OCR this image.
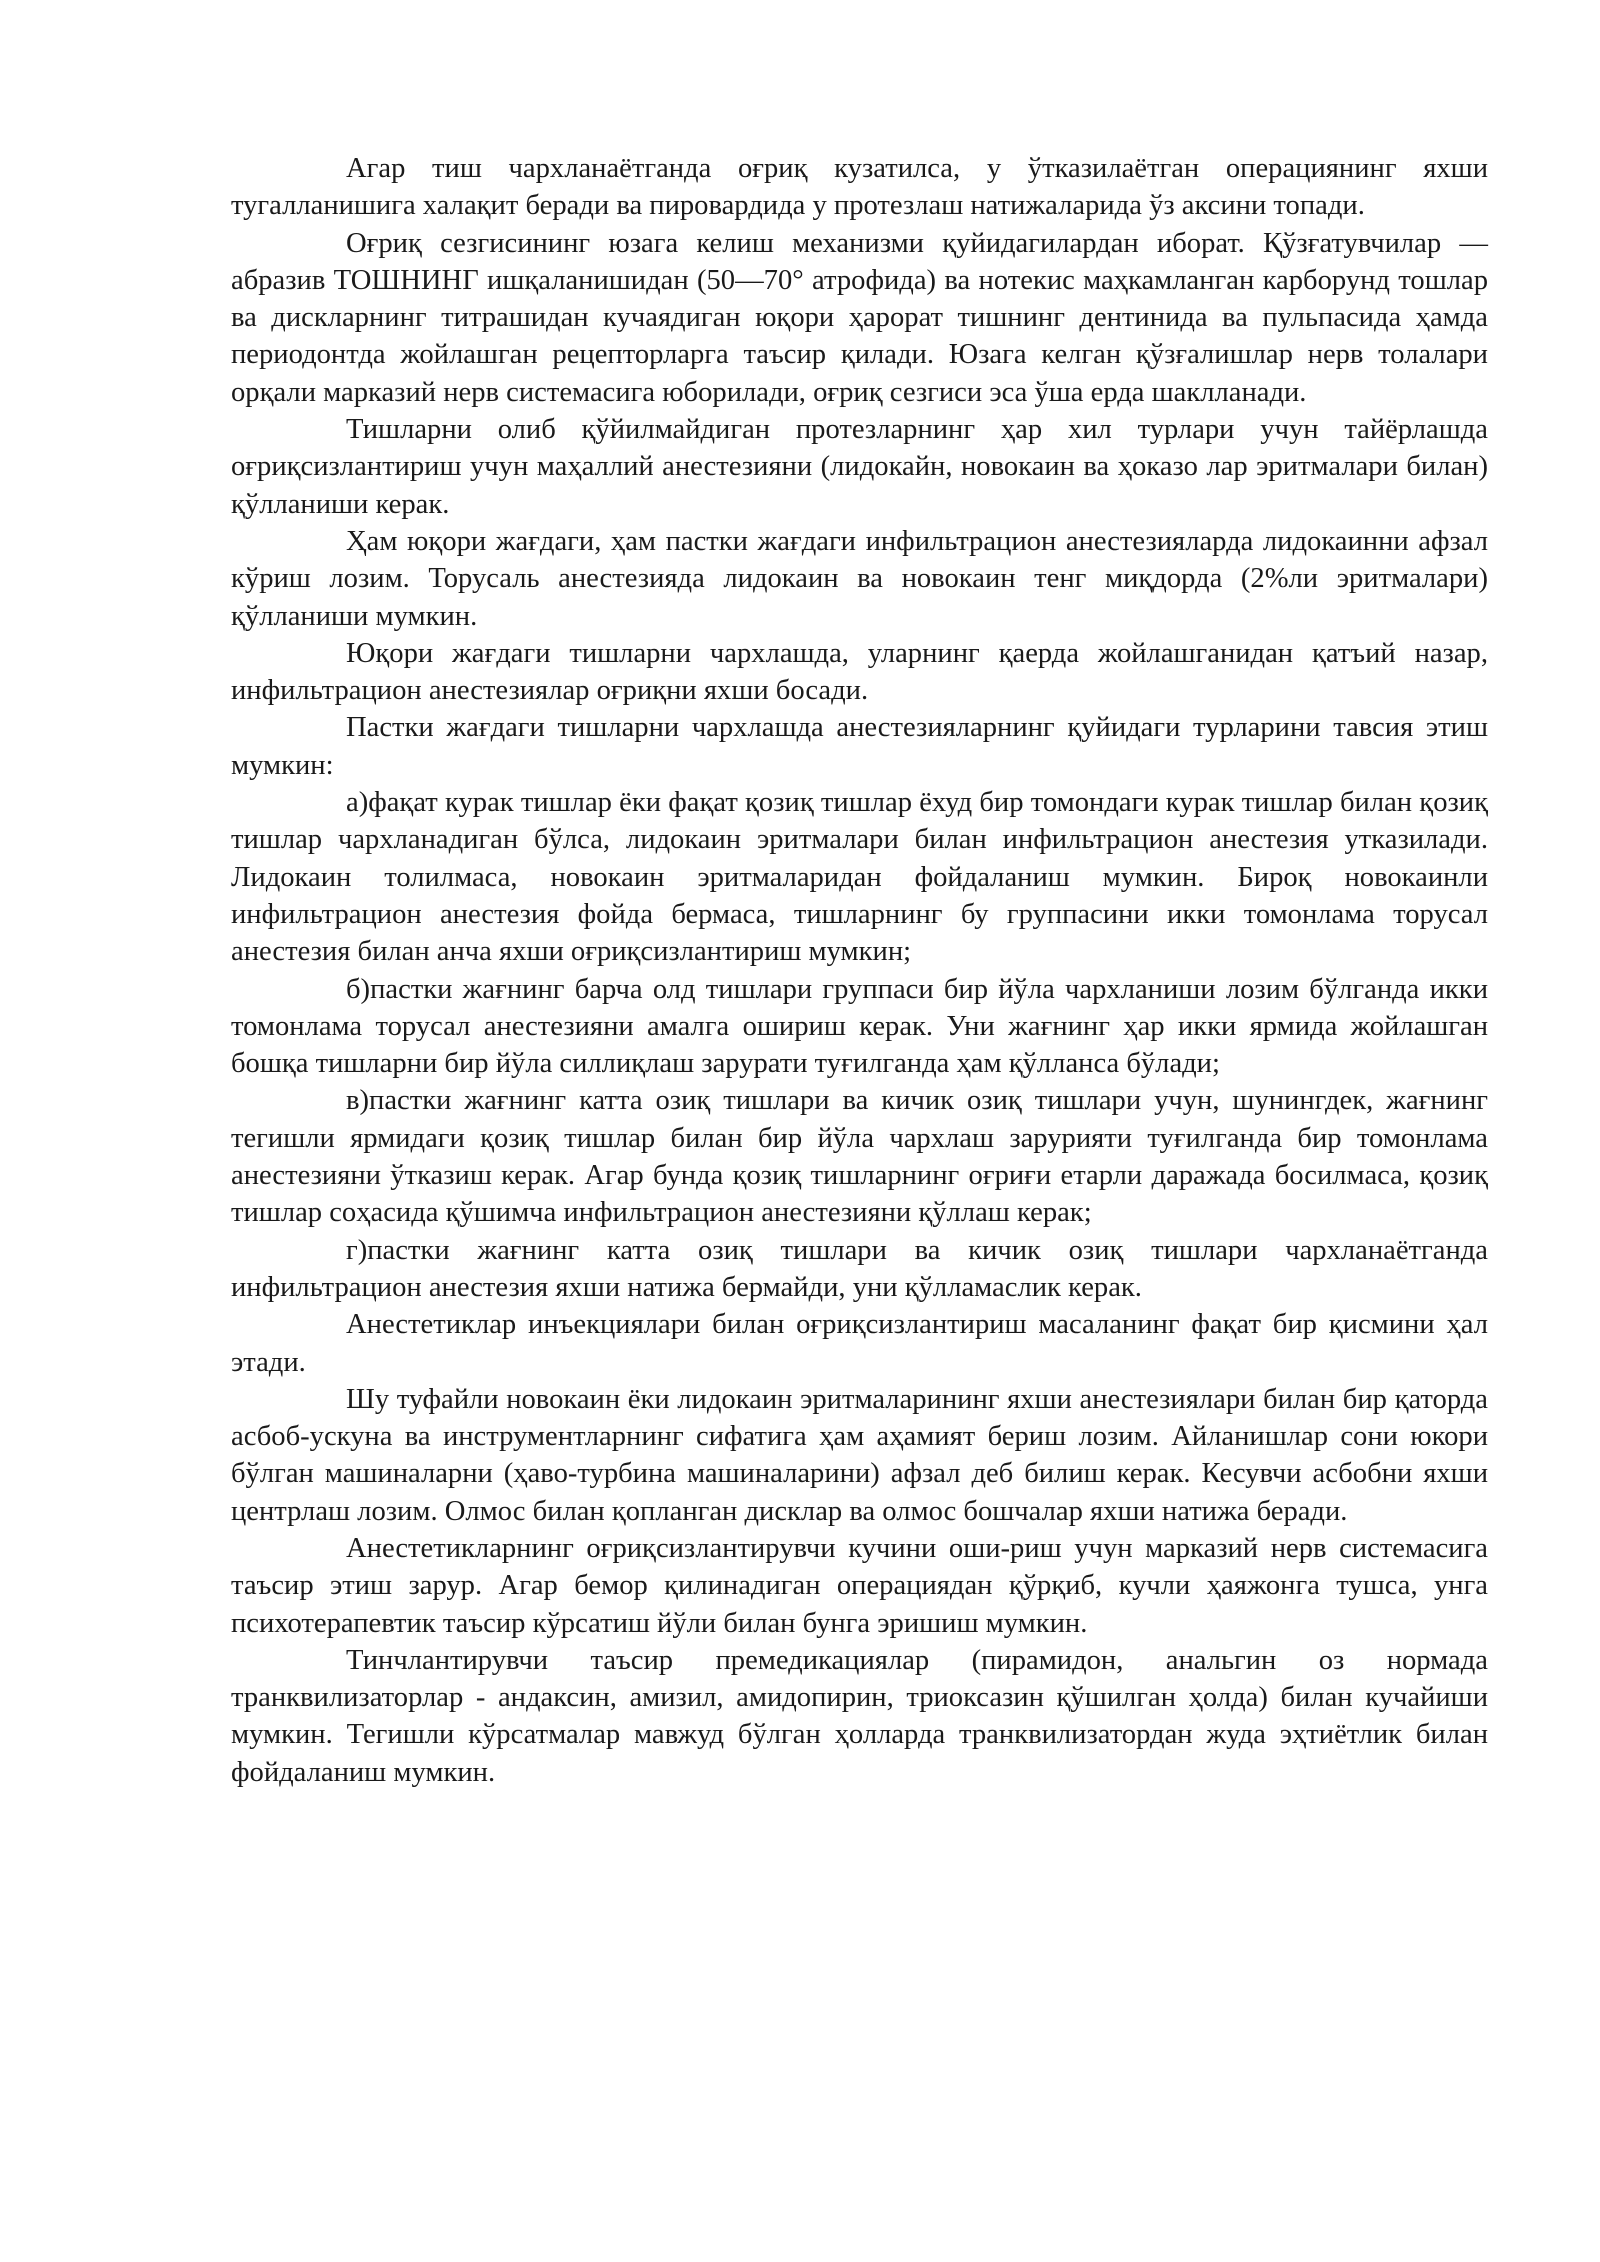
Агар тиш чархланаётганда оғриқ кузатилса, у ўтказилаётган операциянинг яхши тугалланишига халақит беради ва пировардида у протезлаш натижаларида ўз аксини топади.

Оғриқ сезгисининг юзага келиш механизми қуйидагилардан иборат. Қўзғатувчилар — абразив ТОШНИНГ ишқаланишидан (50—70° атрофида) ва нотекис маҳкамланган карборунд тошлар ва дискларнинг титрашидан кучаядиган юқори ҳарорат тишнинг дентинида ва пульпасида ҳамда периодонтда жойлашган рецепторларга таъсир қилади. Юзага келган қўзғалишлар нерв толалари орқали марказий нерв системасига юборилади, оғриқ сезгиси эса ўша ерда шаклланади.

Тишларни олиб қўйилмайдиган протезларнинг ҳар хил турлари учун тайёрлашда оғриқсизлантириш учун маҳаллий анестезияни (лидокайн, новокаин ва ҳоказо лар эритмалари билан) қўлланиши керак.

Ҳам юқори жағдаги, ҳам пастки жағдаги инфильтрацион анестезияларда лидокаинни афзал кўриш лозим. Торусаль анестезияда лидокаин ва новокаин тенг миқдорда (2%ли эритмалари) қўлланиши мумкин.

Юқори жағдаги тишларни чархлашда, уларнинг қаерда жойлашганидан қатъий назар, инфильтрацион анестезиялар оғриқни яхши босади.

Пастки жағдаги тишларни чархлашда анестезияларнинг қуйидаги турларини тавсия этиш мумкин:

а)фақат курак тишлар ёки фақат қозиқ тишлар ёхуд бир томондаги курак тишлар билан қозиқ тишлар чархланадиган бўлса, лидокаин эритмалари билан инфильтрацион анестезия утказилади. Лидокаин толилмаса, новокаин эритмаларидан фойдаланиш мумкин. Бироқ новокаинли инфильтрацион анестезия фойда бермаса, тишларнинг бу группасини икки томонлама торусал анестезия билан анча яхши оғриқсизлантириш мумкин;

б)пастки жағнинг барча олд тишлари группаси бир йўла чархланиши лозим бўлганда икки томонлама торусал анестезияни амалга ошириш керак. Уни жағнинг ҳар икки ярмида жойлашган бошқа тишларни бир йўла силлиқлаш зарурати туғилганда ҳам қўлланса бўлади;

в)пастки жағнинг катта озиқ тишлари ва кичик озиқ тишлари учун, шунингдек, жағнинг тегишли ярмидаги қозиқ тишлар билан бир йўла чархлаш зарурияти туғилганда бир томонлама анестезияни ўтказиш керак. Агар бунда қозиқ тишларнинг оғриғи етарли даражада босилмаса, қозиқ тишлар соҳасида қўшимча инфильтрацион анестезияни қўллаш керак;

г)пастки жағнинг катта озиқ тишлари ва кичик озиқ тишлари чархланаётганда инфильтрацион анестезия яхши натижа бермайди, уни қўлламаслик керак.

Анестетиклар инъекциялари билан оғриқсизлантириш масаланинг фақат бир қисмини ҳал этади.

Шу туфайли новокаин ёки лидокаин эритмаларининг яхши анестезиялари билан бир қаторда асбоб-ускуна ва инструментларнинг сифатига ҳам аҳамият бериш лозим. Айланишлар сони юкори бўлган машиналарни (ҳаво-турбина машиналарини) афзал деб билиш керак. Кесувчи асбобни яхши центрлаш лозим. Олмос билан қопланган дисклар ва олмос бошчалар яхши натижа беради.

Анестетикларнинг оғриқсизлантирувчи кучини оши-риш учун марказий нерв системасига таъсир этиш зарур. Агар бемор қилинадиган операциядан қўрқиб, кучли ҳаяжонга тушса, унга психотерапевтик таъсир кўрсатиш йўли билан бунга эришиш мумкин.

Тинчлантирувчи таъсир премедикациялар (пирамидон, анальгин оз нормада транквилизаторлар - андаксин, амизил, амидопирин, триоксазин қўшилган ҳолда) билан кучайиши мумкин. Тегишли кўрсатмалар мавжуд бўлган ҳолларда транквилизатордан жуда эҳтиётлик билан фойдаланиш мумкин.
